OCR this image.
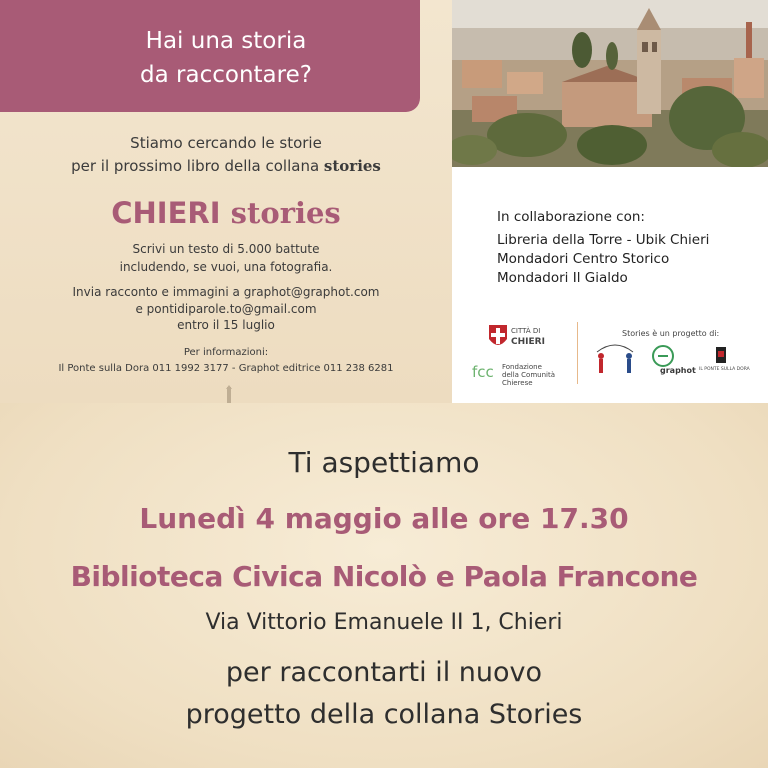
Hai una storia
da raccontare?
Stiamo cercando le storie
per il prossimo libro della collana stories
CHIERI stories
Scrivi un testo di 5.000 battute
includendo, se vuoi, una fotografia.
Invia racconto e immagini a graphot@graphot.com
e pontidiparole.to@gmail.com
entro il 15 luglio
Per informazioni:
Il Ponte sulla Dora 011 1992 3177 - Graphot editrice 011 238 6281
In collaborazione con:
Libreria della Torre - Ubik Chieri
Mondadori Centro Storico
Mondadori Il Gialdo
CITTÀ DI
CHIERI
fcc Fondazione
della Comunità
Chierese
Stories è un progetto di:
graphot IL PONTE SULLA DORA
Ti aspettiamo
Lunedì 4 maggio alle ore 17.30
Biblioteca Civica Nicolò e Paola Francone
Via Vittorio Emanuele II 1, Chieri
per raccontarti il nuovo
progetto della collana Stories
